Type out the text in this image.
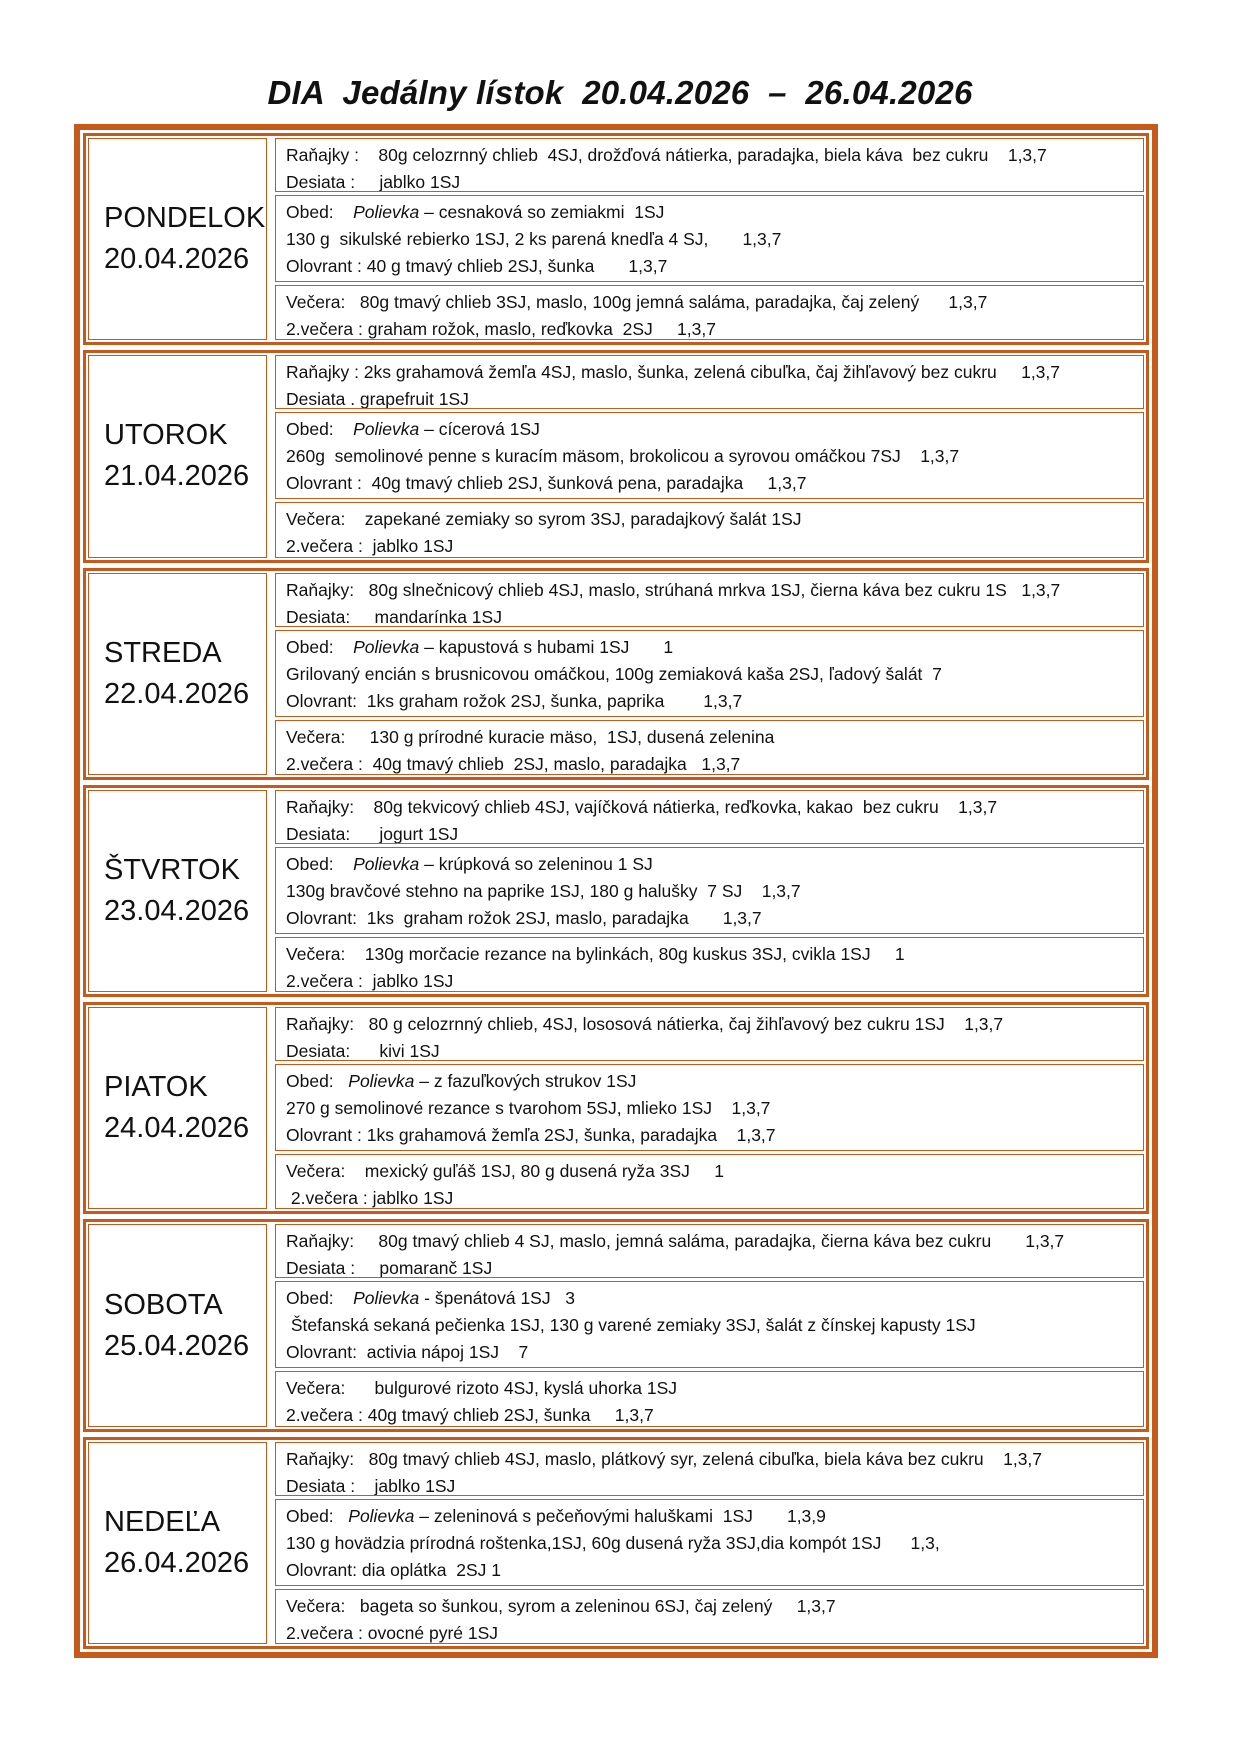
DIA  Jedálny lístok  20.04.2026  –  26.04.2026
PONDELOK
20.04.2026
Raňajky :    80g celozrnný chlieb  4SJ, drožďová nátierka, paradajka, biela káva  bez cukru    1,3,7
Desiata :     jablko 1SJ
Obed:    Polievka – cesnaková so zemiakmi  1SJ
130 g  sikulské rebierko 1SJ, 2 ks parená knedľa 4 SJ,       1,3,7
Olovrant : 40 g tmavý chlieb 2SJ, šunka       1,3,7
Večera:   80g tmavý chlieb 3SJ, maslo, 100g jemná saláma, paradajka, čaj zelený      1,3,7
2.večera : graham rožok, maslo, reďkovka  2SJ     1,3,7
UTOROK
21.04.2026
Raňajky : 2ks grahamová žemľa 4SJ, maslo, šunka, zelená cibuľka, čaj žihľavový bez cukru     1,3,7
Desiata . grapefruit 1SJ
Obed:    Polievka – cícerová 1SJ
260g  semolinové penne s kuracím mäsom, brokolicou a syrovou omáčkou 7SJ    1,3,7
Olovrant :  40g tmavý chlieb 2SJ, šunková pena, paradajka     1,3,7
Večera:    zapekané zemiaky so syrom 3SJ, paradajkový šalát 1SJ
2.večera :  jablko 1SJ
STREDA
22.04.2026
Raňajky:   80g slnečnicový chlieb 4SJ, maslo, strúhaná mrkva 1SJ, čierna káva bez cukru 1S   1,3,7
Desiata:     mandarínka 1SJ
Obed:    Polievka – kapustová s hubami 1SJ       1
Grilovaný encián s brusnicovou omáčkou, 100g zemiaková kaša 2SJ, ľadový šalát  7
Olovrant:  1ks graham rožok 2SJ, šunka, paprika        1,3,7
Večera:     130 g prírodné kuracie mäso,  1SJ, dusená zelenina
2.večera :  40g tmavý chlieb  2SJ, maslo, paradajka   1,3,7
ŠTVRTOK
23.04.2026
Raňajky:    80g tekvicový chlieb 4SJ, vajíčková nátierka, reďkovka, kakao  bez cukru    1,3,7
Desiata:      jogurt 1SJ
Obed:    Polievka – krúpková so zeleninou 1 SJ
130g bravčové stehno na paprike 1SJ, 180 g halušky  7 SJ    1,3,7
Olovrant:  1ks  graham rožok 2SJ, maslo, paradajka       1,3,7
Večera:    130g morčacie rezance na bylinkách, 80g kuskus 3SJ, cvikla 1SJ     1
2.večera :  jablko 1SJ
PIATOK
24.04.2026
Raňajky:   80 g celozrnný chlieb, 4SJ, lososová nátierka, čaj žihľavový bez cukru 1SJ    1,3,7
Desiata:      kivi 1SJ
Obed:   Polievka – z fazuľkových strukov 1SJ
270 g semolinové rezance s tvarohom 5SJ, mlieko 1SJ    1,3,7
Olovrant : 1ks grahamová žemľa 2SJ, šunka, paradajka    1,3,7
Večera:    mexický guľáš 1SJ, 80 g dusená ryža 3SJ     1
2.večera : jablko 1SJ
SOBOTA
25.04.2026
Raňajky:     80g tmavý chlieb 4 SJ, maslo, jemná saláma, paradajka, čierna káva bez cukru       1,3,7
Desiata :     pomaranč 1SJ
Obed:    Polievka - špenátová 1SJ   3
Štefanská sekaná pečienka 1SJ, 130 g varené zemiaky 3SJ, šalát z čínskej kapusty 1SJ
Olovrant:  activia nápoj 1SJ    7
Večera:      bulgurové rizoto 4SJ, kyslá uhorka 1SJ
2.večera : 40g tmavý chlieb 2SJ, šunka     1,3,7
NEDEĽA
26.04.2026
Raňajky:   80g tmavý chlieb 4SJ, maslo, plátkový syr, zelená cibuľka, biela káva bez cukru    1,3,7
Desiata :    jablko 1SJ
Obed:   Polievka – zeleninová s pečeňovými haluškami  1SJ       1,3,9
130 g hovädzia prírodná roštenka,1SJ, 60g dusená ryža 3SJ,dia kompót 1SJ      1,3,
Olovrant: dia oplátka  2SJ 1
Večera:   bageta so šunkou, syrom a zeleninou 6SJ, čaj zelený     1,3,7
2.večera : ovocné pyré 1SJ
